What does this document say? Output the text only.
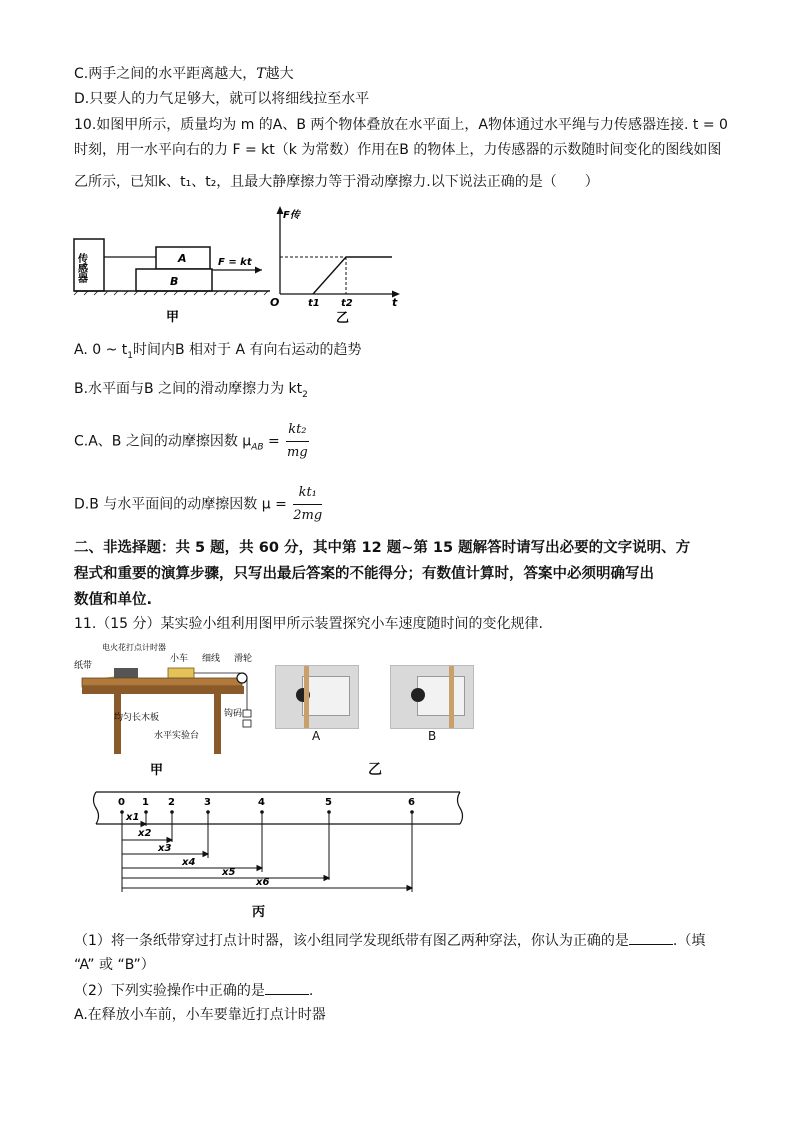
C.两手之间的水平距离越大，T越大
D.只要人的力气足够大，就可以将细线拉至水平
10.如图甲所示，质量均为 m 的A、B 两个物体叠放在水平面上，A物体通过水平绳与力传感器连接. t = 0
时刻，用一水平向右的力 F = kt（k 为常数）作用在B 的物体上，力传感器的示数随时间变化的图线如图
乙所示，已知k、t₁、t₂，且最大静摩擦力等于滑动摩擦力.以下说法正确的是（　　）
传感器	A
B
F = kt
甲
F传
O	t
t1 t2
乙
A. 0 ~ $t_1$时间内B 相对于 A 有向右运动的趋势
B.水平面与B 之间的滑动摩擦力为 $kt_2$
C.A、B 之间的动摩擦因数 $\mu_{AB} = \frac{\text{kt₂}}{mg}$
D.B 与水平面间的动摩擦因数 $\mu = \frac{\text{kt₁}}{2mg}$
二、非选择题：共 5 题，共 60 分，其中第 12 题~第 15 题解答时请写出必要的文字说明、方
程式和重要的演算步骤，只写出最后答案的不能得分；有数值计算时，答案中必须明确写出
数值和单位.
11.（15 分）某实验小组利用图甲所示装置探究小车速度随时间的变化规律.
纸带
电火花打点计时器
小车 细线 滑轮
钩码
均匀长木板
水平实验台
甲
A	B
乙
0 1 2	3	4	5	6
x1
x2
x3
x4
x5
x6
丙
（1）将一条纸带穿过打点计时器，该小组同学发现纸带有图乙两种穿法，你认为正确的是	.（填
“A” 或 “B”）
（2）下列实验操作中正确的是	.
A.在释放小车前，小车要靠近打点计时器
